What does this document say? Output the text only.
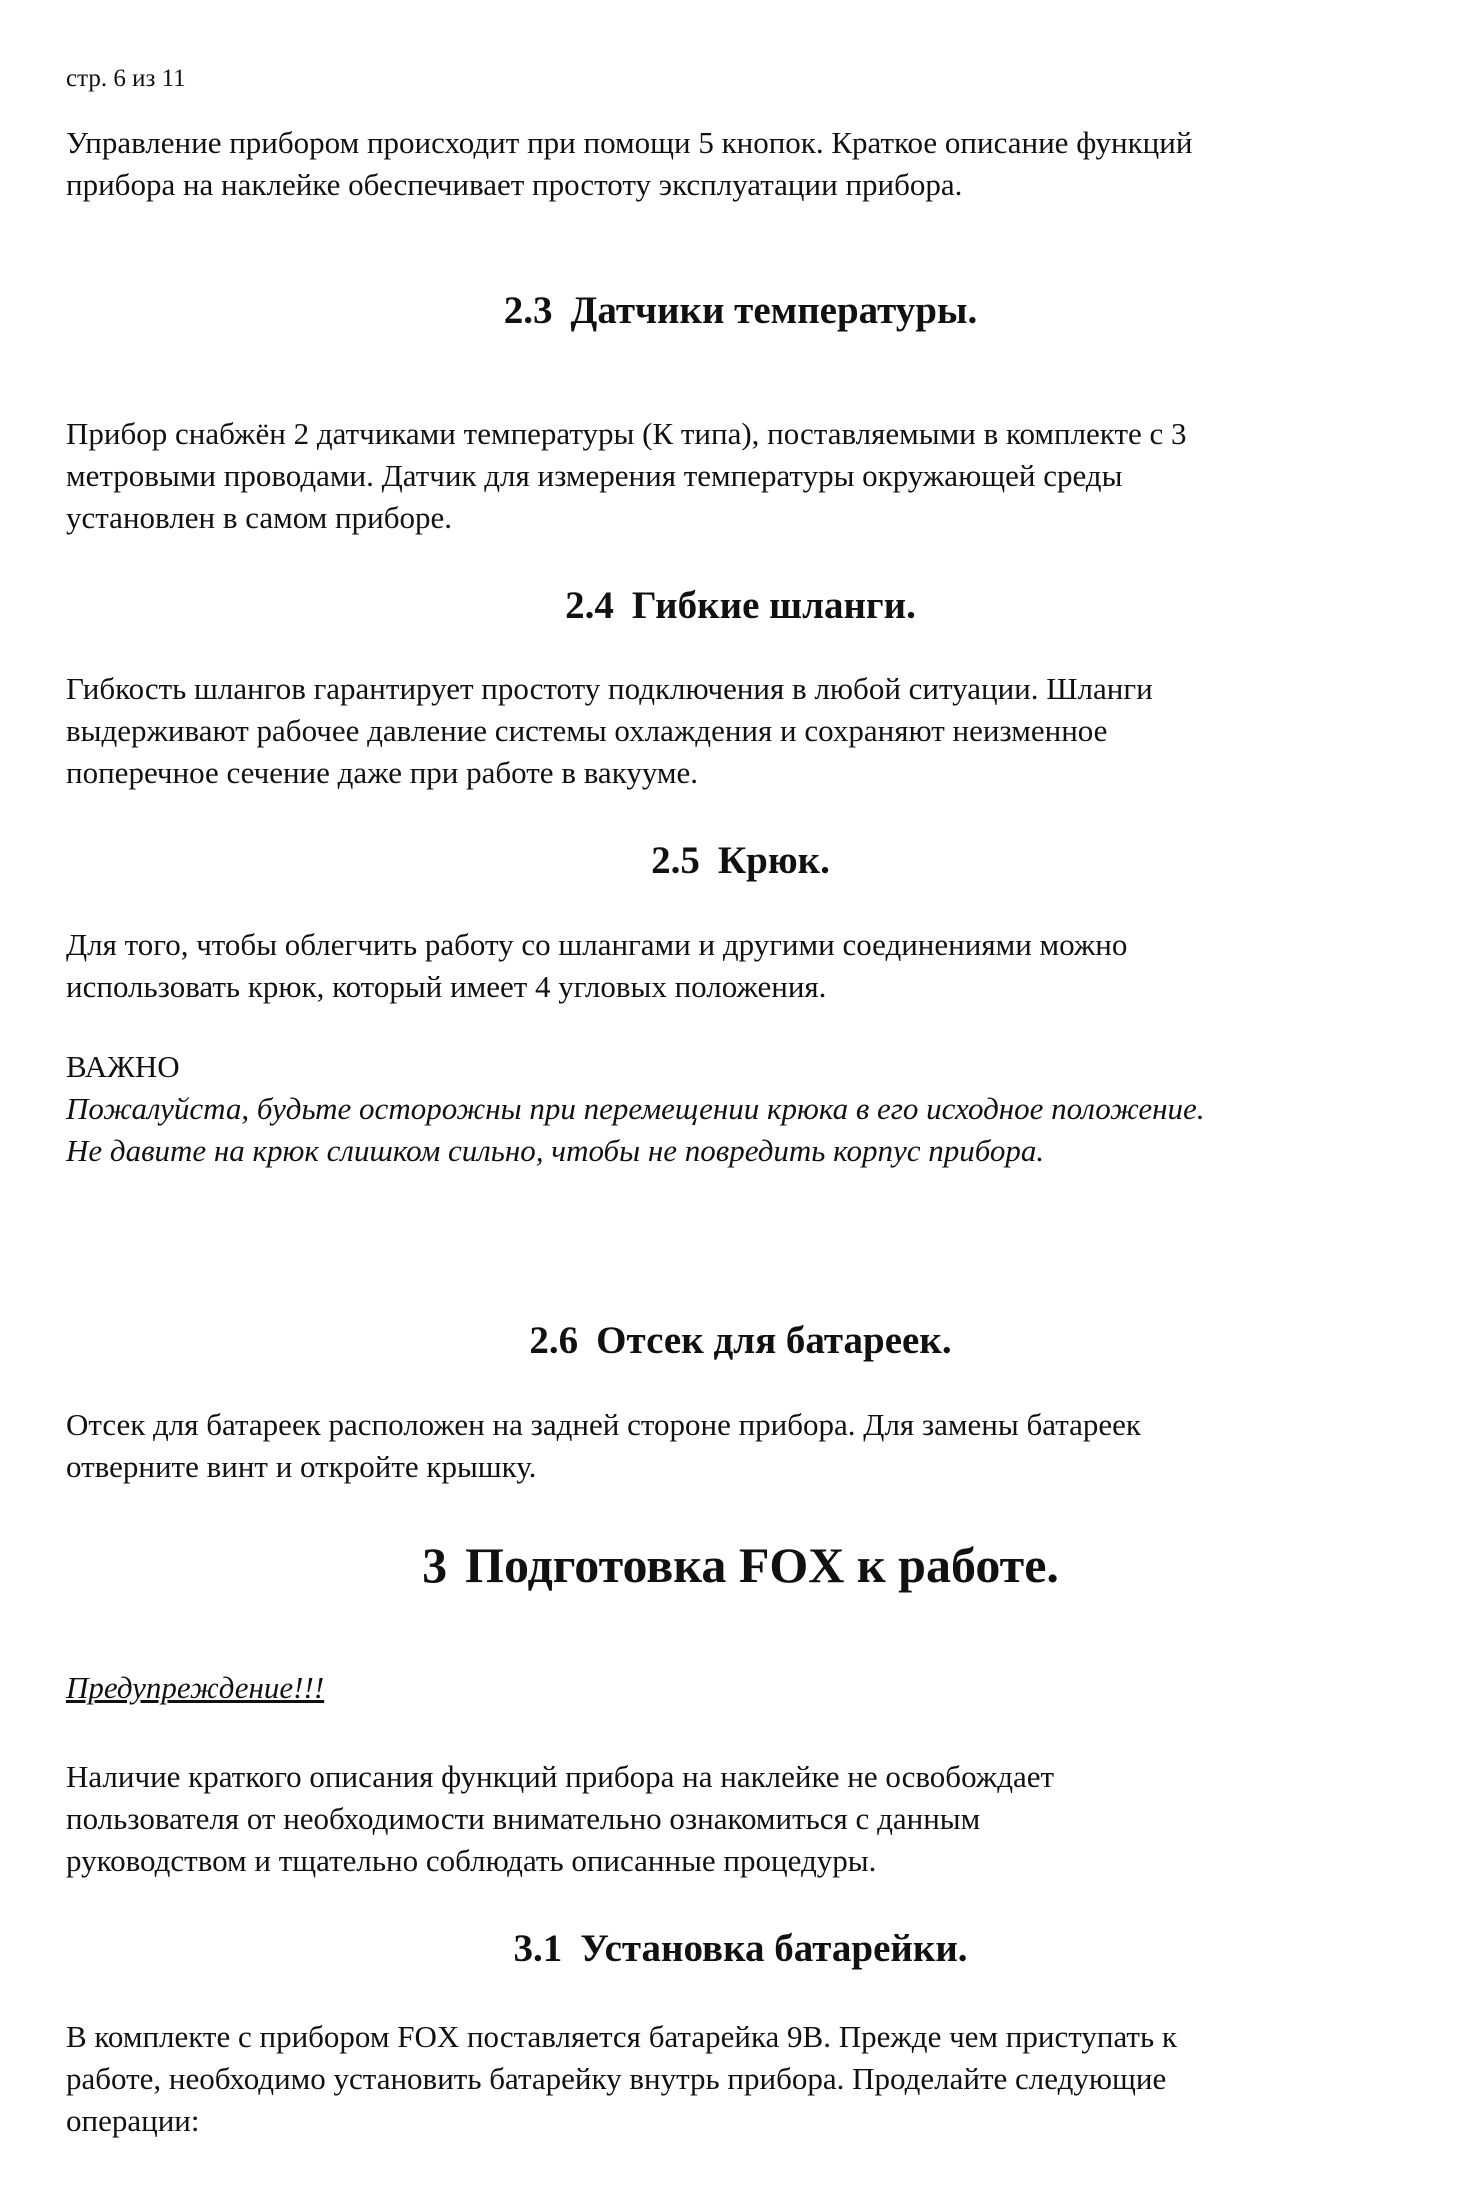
стр. 6 из 11

Управление прибором происходит при помощи 5 кнопок. Краткое описание функций
прибора на наклейке обеспечивает простоту эксплуатации прибора.
2.3 Датчики температуры.
Прибор снабжён 2 датчиками температуры (К типа), поставляемыми в комплекте с 3
метровыми проводами. Датчик для измерения температуры окружающей среды
установлен в самом приборе.
2.4 Гибкие шланги.
Гибкость шлангов гарантирует простоту подключения в любой ситуации. Шланги
выдерживают рабочее давление системы охлаждения и сохраняют неизменное
поперечное сечение даже при работе в вакууме.
2.5 Крюк.
Для того, чтобы облегчить работу со шлангами и другими соединениями можно
использовать крюк, который имеет 4 угловых положения.
ВАЖНО
Пожалуйста, будьте осторожны при перемещении крюка в его исходное положение.
Не давите на крюк слишком сильно, чтобы не повредить корпус прибора.
2.6 Отсек для батареек.
Отсек для батареек расположен на задней стороне прибора. Для замены батареек
отверните винт и откройте крышку.
3 Подготовка FOX к работе.
Предупреждение!!!
Наличие краткого описания функций прибора на наклейке не освобождает
пользователя от необходимости внимательно ознакомиться с данным
руководством и тщательно соблюдать описанные процедуры.
3.1 Установка батарейки.
В комплекте с прибором FOX поставляется батарейка 9В. Прежде чем приступать к
работе, необходимо установить батарейку внутрь прибора. Проделайте следующие
операции:
